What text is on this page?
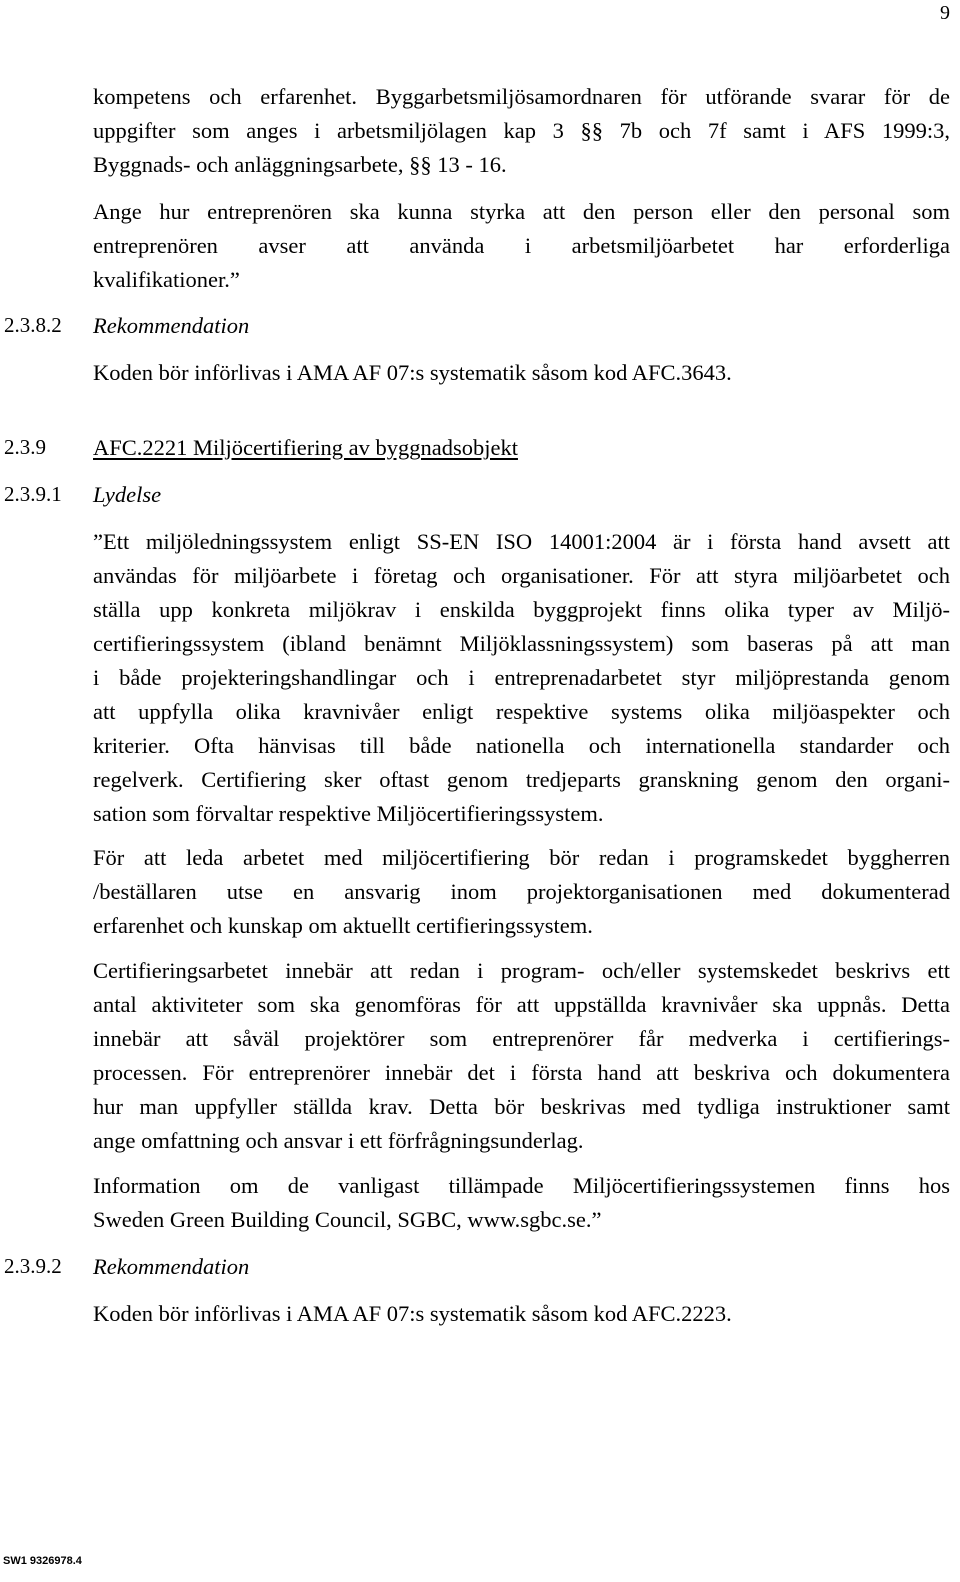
9
kompetens och erfarenhet. Byggarbetsmiljösamordnaren för utförande svarar för de
uppgifter som anges i arbetsmiljölagen kap 3 §§ 7b och 7f samt i AFS 1999:3,
Byggnads- och anläggningsarbete, §§ 13 - 16.
Ange hur entreprenören ska kunna styrka att den person eller den personal som
entreprenören avser att använda i arbetsmiljöarbetet har erforderliga
kvalifikationer.”
2.3.8.2 Rekommendation
Koden bör införlivas i AMA AF 07:s systematik såsom kod AFC.3643.
2.3.9 AFC.2221 Miljöcertifiering av byggnadsobjekt
2.3.9.1 Lydelse
”Ett miljöledningssystem enligt SS-EN ISO 14001:2004 är i första hand avsett att
användas för miljöarbete i företag och organisationer. För att styra miljöarbetet och
ställa upp konkreta miljökrav i enskilda byggprojekt finns olika typer av Miljö-
certifieringssystem (ibland benämnt Miljöklassningssystem) som baseras på att man
i både projekteringshandlingar och i entreprenadarbetet styr miljöprestanda genom
att uppfylla olika kravnivåer enligt respektive systems olika miljöaspekter och
kriterier. Ofta hänvisas till både nationella och internationella standarder och
regelverk. Certifiering sker oftast genom tredjeparts granskning genom den organi-
sation som förvaltar respektive Miljöcertifieringssystem.
För att leda arbetet med miljöcertifiering bör redan i programskedet byggherren
/beställaren utse en ansvarig inom projektorganisationen med dokumenterad
erfarenhet och kunskap om aktuellt certifieringssystem.
Certifieringsarbetet innebär att redan i program- och/eller systemskedet beskrivs ett
antal aktiviteter som ska genomföras för att uppställda kravnivåer ska uppnås. Detta
innebär att såväl projektörer som entreprenörer får medverka i certifierings-
processen. För entreprenörer innebär det i första hand att beskriva och dokumentera
hur man uppfyller ställda krav. Detta bör beskrivas med tydliga instruktioner samt
ange omfattning och ansvar i ett förfrågningsunderlag.
Information om de vanligast tillämpade Miljöcertifieringssystemen finns hos
Sweden Green Building Council, SGBC, www.sgbc.se.”
2.3.9.2 Rekommendation
Koden bör införlivas i AMA AF 07:s systematik såsom kod AFC.2223.
SW1 9326978.4
